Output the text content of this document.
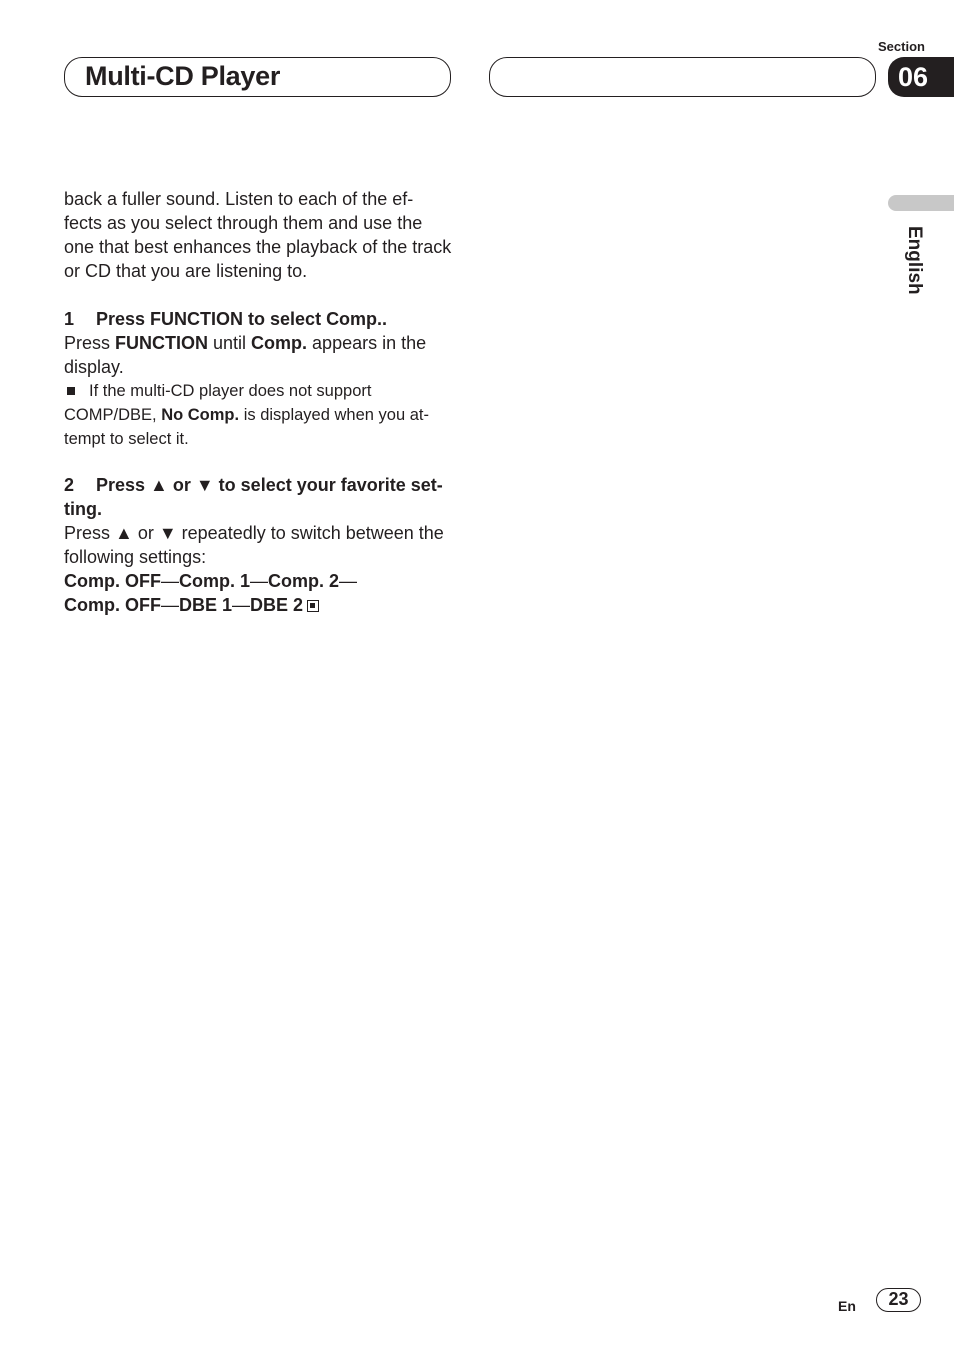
Multi-CD Player
Section
06
English

back a fuller sound. Listen to each of the ef- fects as you select through them and use the one that best enhances the playback of the track or CD that you are listening to.

1 Press FUNCTION to select Comp..

Press FUNCTION until Comp. appears in the display.

If the multi-CD player does not support COMP/DBE, No Comp. is displayed when you at- tempt to select it.

2 Press ▲ or ▼ to select your favorite set- ting.

Press ▲ or ▼ repeatedly to switch between the following settings:

Comp. OFF—Comp. 1—Comp. 2—
Comp. OFF—DBE 1—DBE 2

En	23
